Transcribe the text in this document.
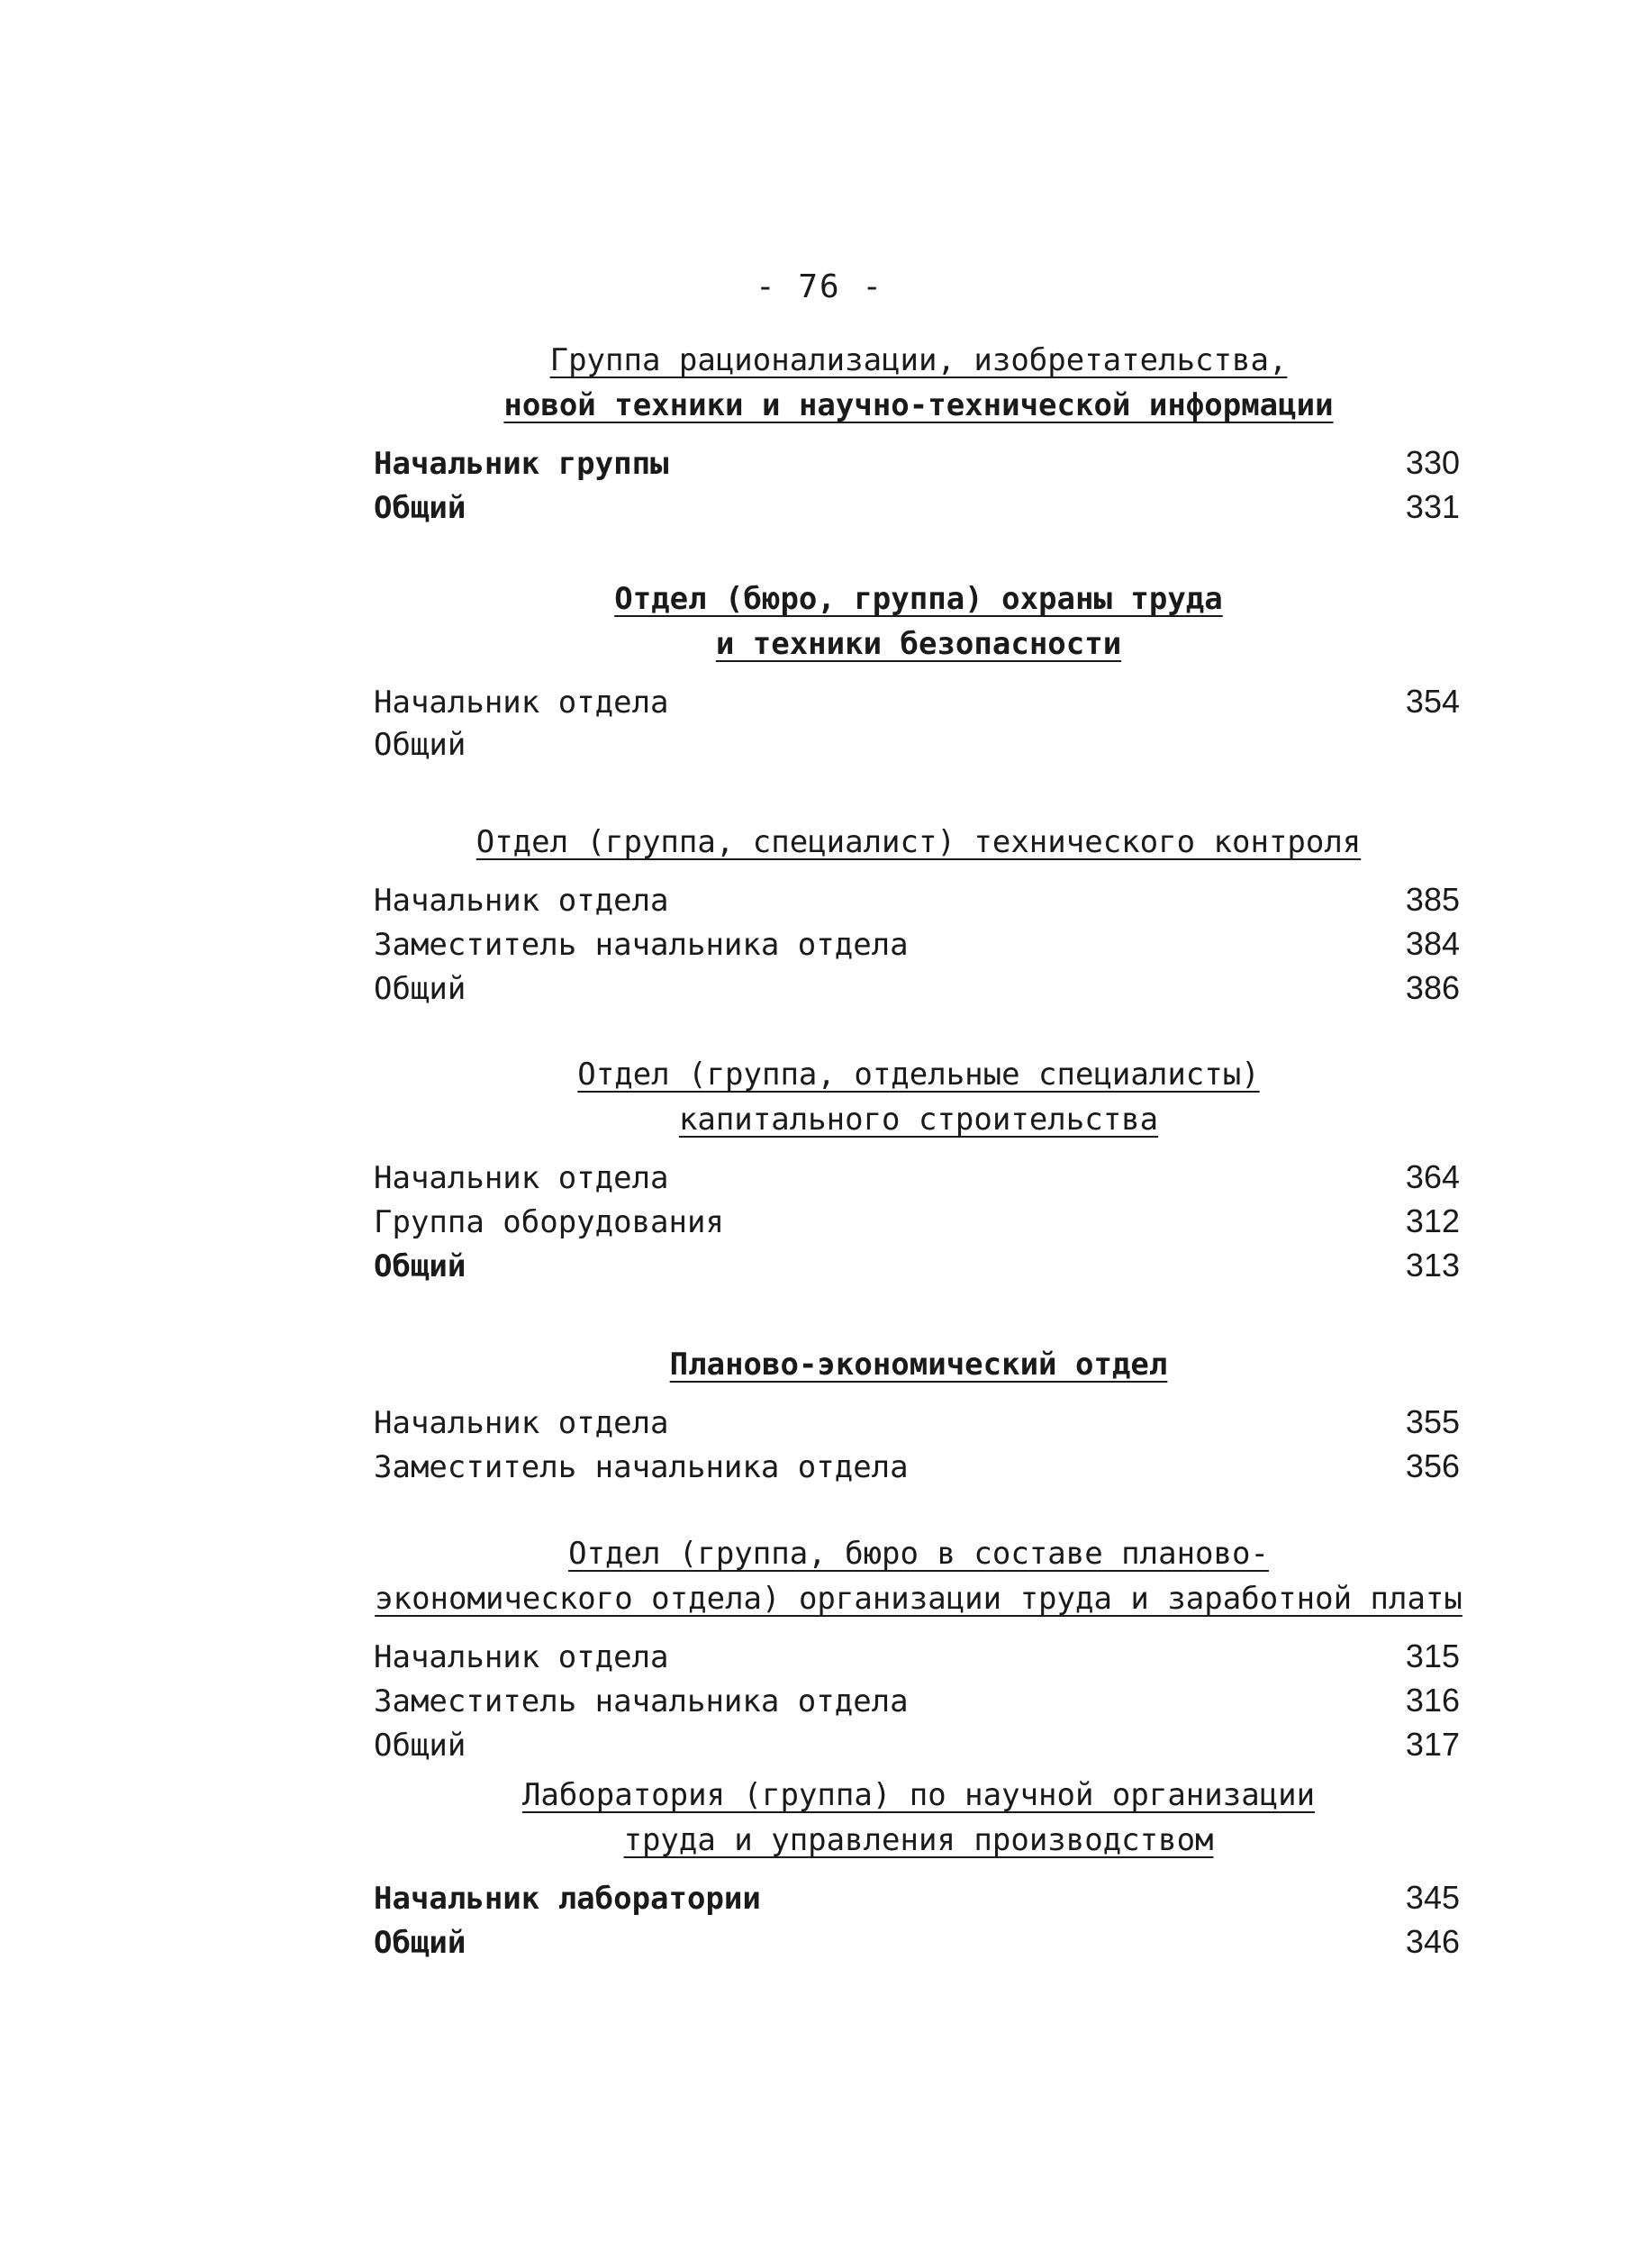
- 76 -
Группа рационализации, изобретательства,
новой техники и научно-технической информации
Начальник группы	330
Общий	331
Отдел (бюро, группа) охраны труда
и техники безопасности
Начальник отдела	354
Общий
Отдел (группа, специалист) технического контроля
Начальник отдела	385
Заместитель начальника отдела	384
Общий	386
Отдел (группа, отдельные специалисты)
капитального строительства
Начальник отдела	364
Группа оборудования	312
Общий	313
Планово-экономический отдел
Начальник отдела	355
Заместитель начальника отдела	356
Отдел (группа, бюро в составе планово-
экономического отдела) организации труда и заработной платы
Начальник отдела	315
Заместитель начальника отдела	316
Общий	317
Лаборатория (группа) по научной организации
труда и управления производством
Начальник лаборатории	345
Общий	346
